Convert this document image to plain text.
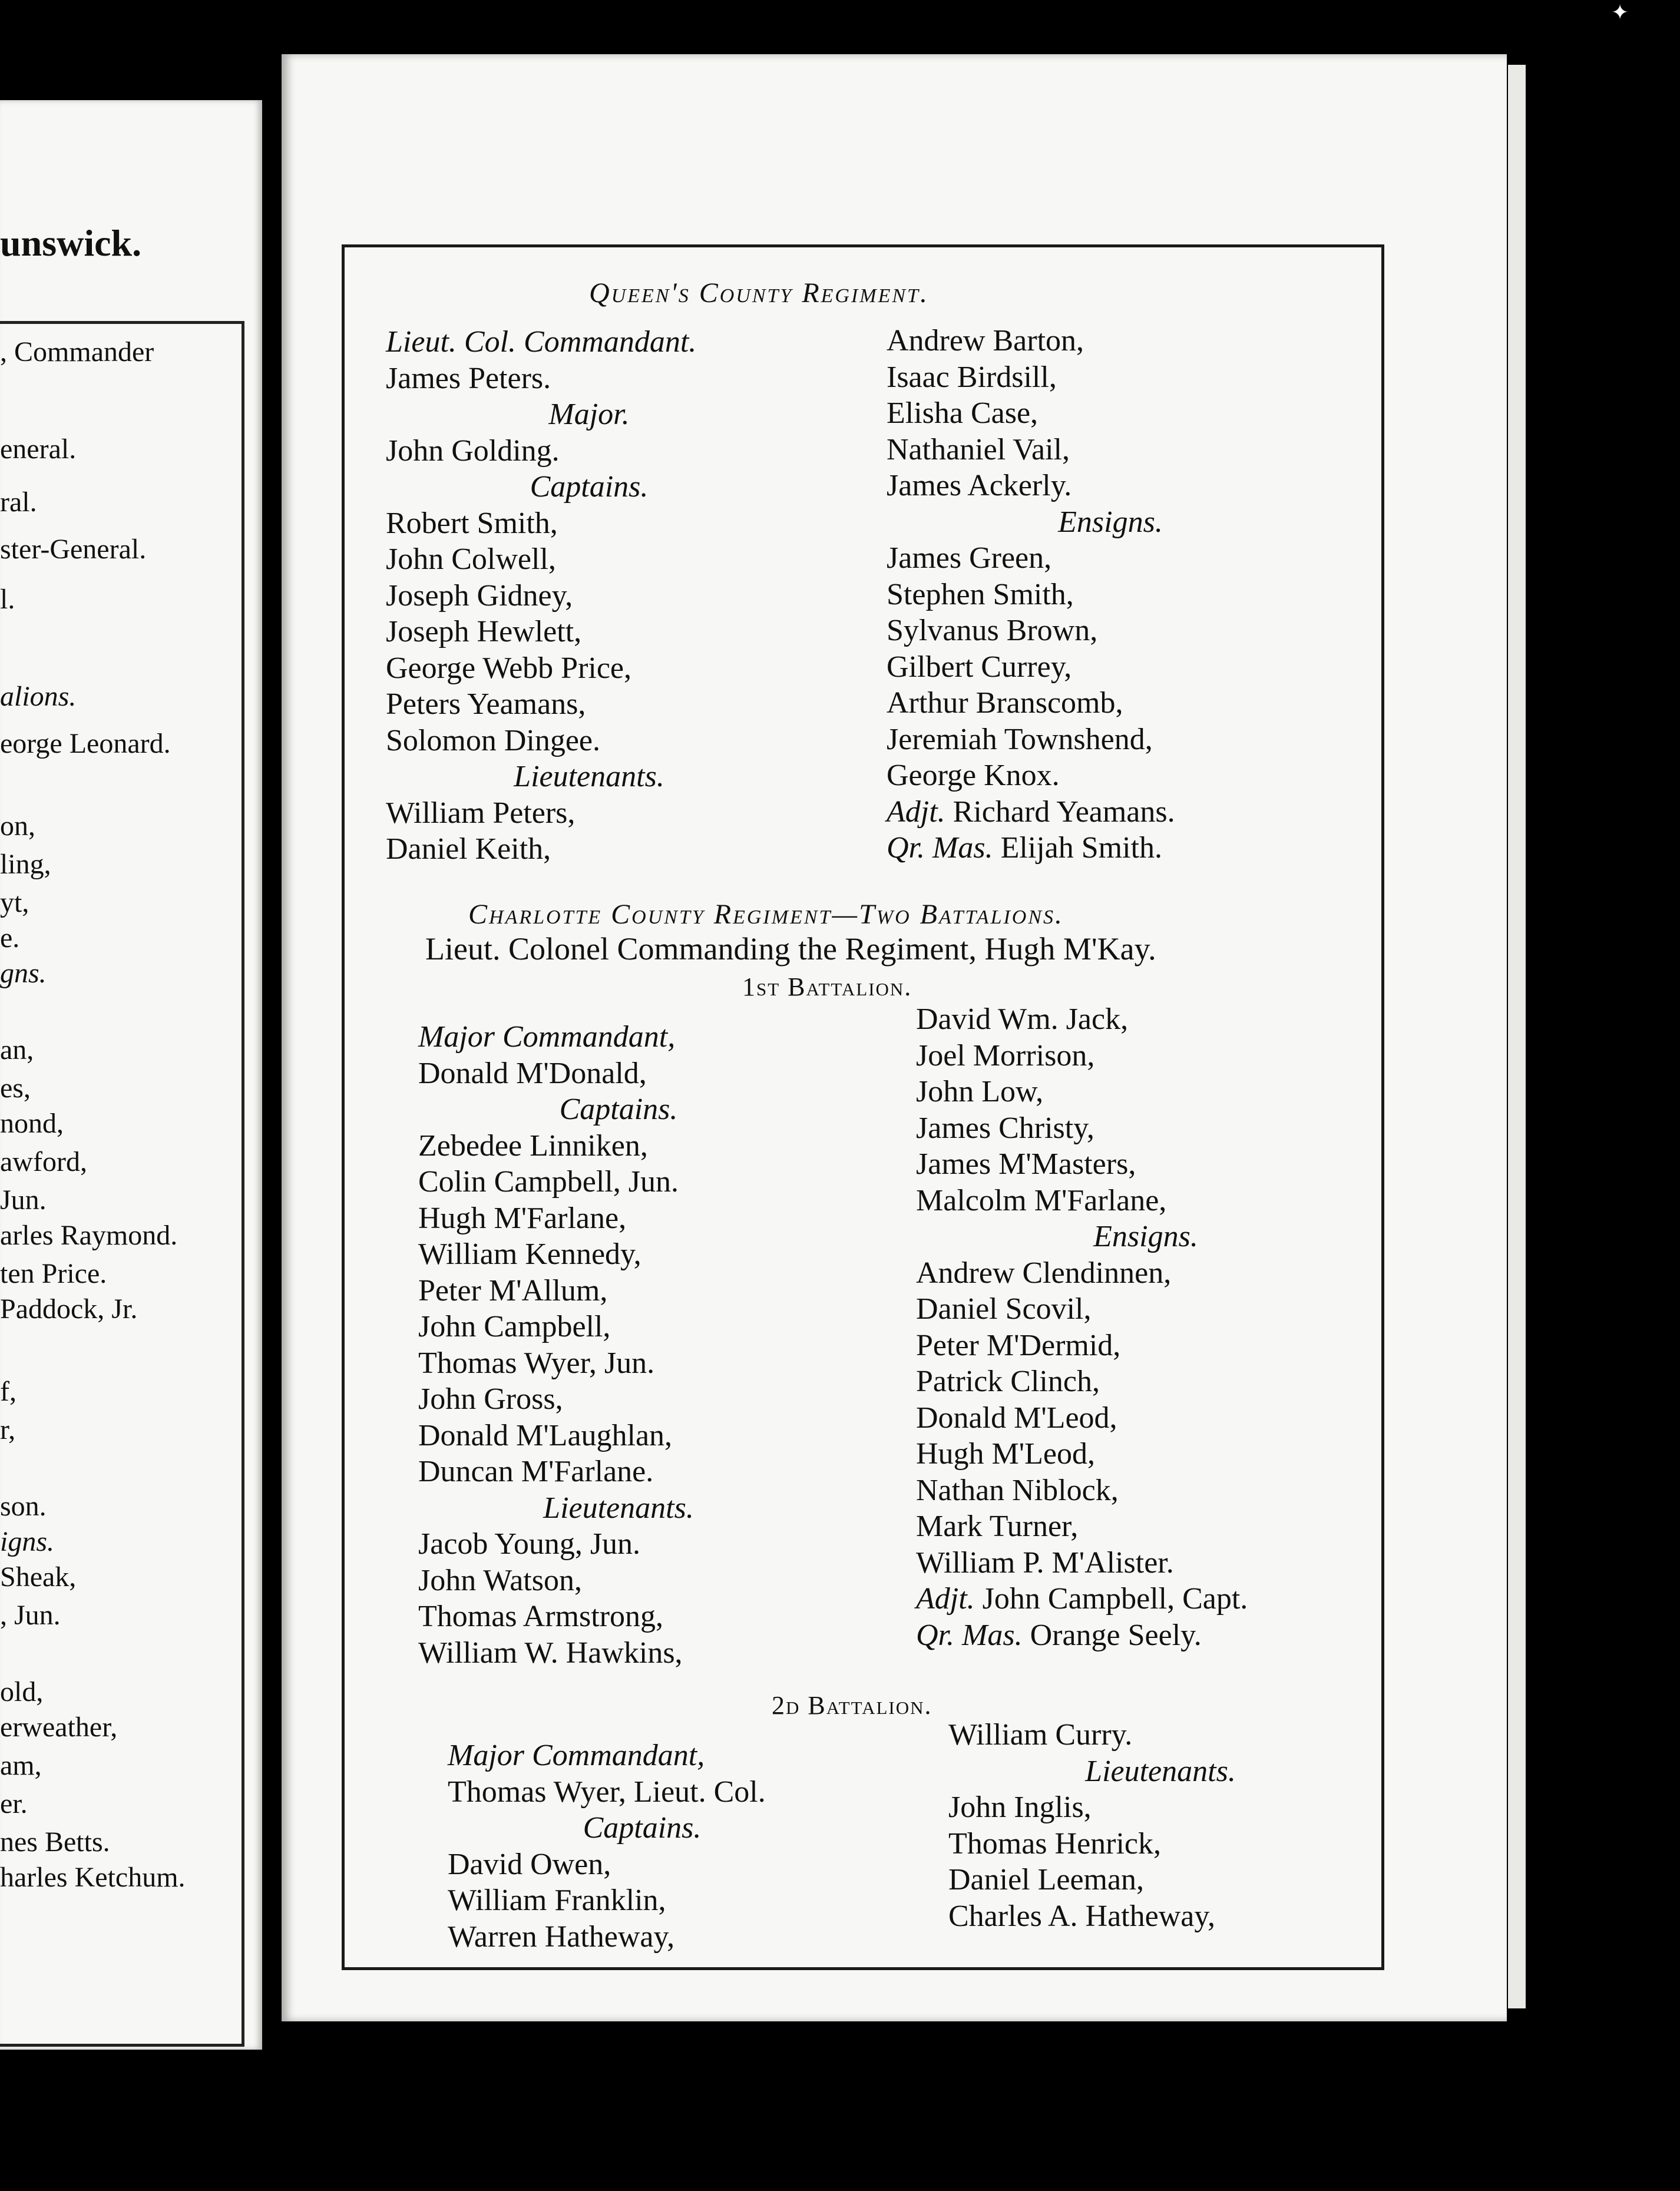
unswick.
, Commander
eneral.
ral.
ster-General.
l.
alions.
eorge Leonard.
on,
ling,
yt,
e.
gns.
an,
es,
nond,
awford,
Jun.
arles Raymond.
ten Price.
Paddock, Jr.
f,
r,
son.
igns.
Sheak,
, Jun.
old,
erweather,
am,
er.
nes Betts.
harles Ketchum.
Queen's County Regiment.
Lieut. Col. Commandant.
James Peters.
Major.
John Golding.
Captains.
Robert Smith,
John Colwell,
Joseph Gidney,
Joseph Hewlett,
George Webb Price,
Peters Yeamans,
Solomon Dingee.
Lieutenants.
William Peters,
Daniel Keith,
Andrew Barton,
Isaac Birdsill,
Elisha Case,
Nathaniel Vail,
James Ackerly.
Ensigns.
James Green,
Stephen Smith,
Sylvanus Brown,
Gilbert Currey,
Arthur Branscomb,
Jeremiah Townshend,
George Knox.
Adjt. Richard Yeamans.
Qr. Mas. Elijah Smith.
Charlotte County Regiment—Two Battalions.
Lieut. Colonel Commanding the Regiment, Hugh M'Kay.
1st Battalion.
Major Commandant,
Donald M'Donald,
Captains.
Zebedee Linniken,
Colin Campbell, Jun.
Hugh M'Farlane,
William Kennedy,
Peter M'Allum,
John Campbell,
Thomas Wyer, Jun.
John Gross,
Donald M'Laughlan,
Duncan M'Farlane.
Lieutenants.
Jacob Young, Jun.
John Watson,
Thomas Armstrong,
William W. Hawkins,
David Wm. Jack,
Joel Morrison,
John Low,
James Christy,
James M'Masters,
Malcolm M'Farlane,
Ensigns.
Andrew Clendinnen,
Daniel Scovil,
Peter M'Dermid,
Patrick Clinch,
Donald M'Leod,
Hugh M'Leod,
Nathan Niblock,
Mark Turner,
William P. M'Alister.
Adjt. John Campbell, Capt.
Qr. Mas. Orange Seely.
2d Battalion.
Major Commandant,
Thomas Wyer, Lieut. Col.
Captains.
David Owen,
William Franklin,
Warren Hatheway,
William Curry.
Lieutenants.
John Inglis,
Thomas Henrick,
Daniel Leeman,
Charles A. Hatheway,
✦
